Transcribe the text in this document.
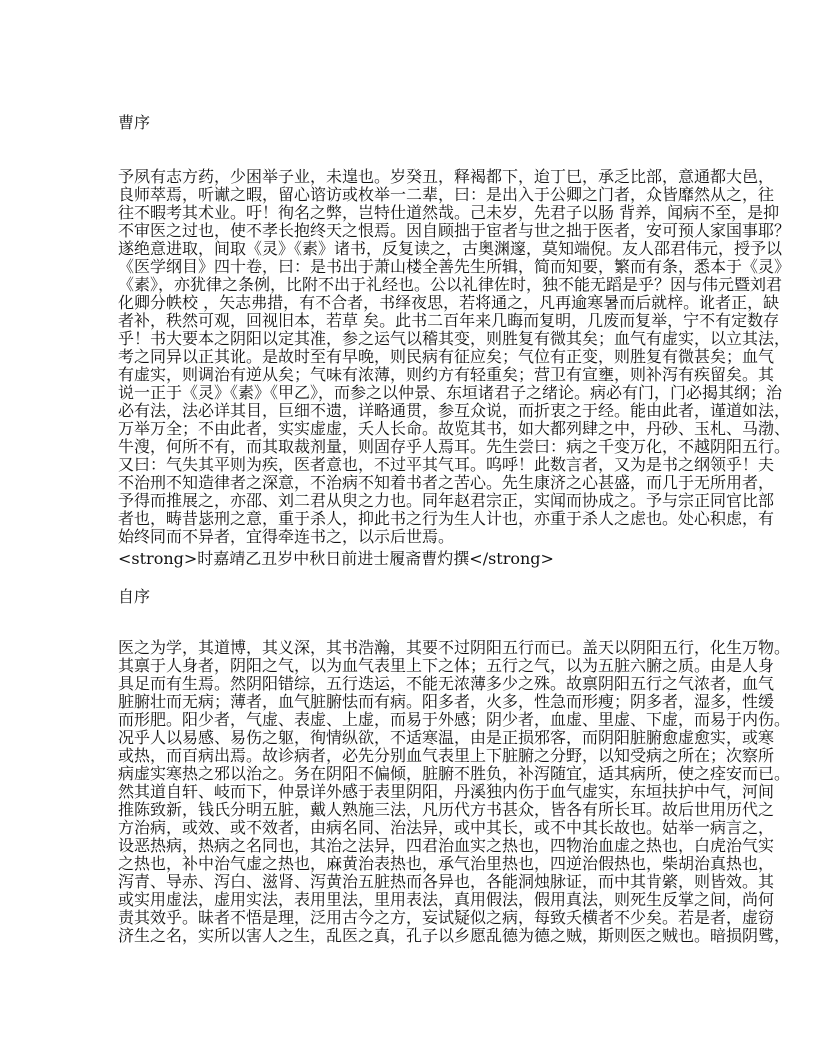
曹序
予夙有志方药，少困举子业，未遑也。岁癸丑，释褐都下，迨丁巳，承乏比部，意通都大邑，
良师萃焉，听谳之暇，留心谘访或枚举一二辈，曰：是出入于公卿之门者，众皆靡然从之，往
往不暇考其术业。吁！徇名之弊，岂特仕道然哉。己未岁，先君子以肠 背养，闻病不至，是抑
不审医之过也，使不孝长抱终天之恨焉。因自顾拙于宦者与世之拙于医者，安可预人家国事耶？
遂绝意进取，间取《灵》《素》诸书，反复读之，古奥渊邃，莫知端倪。友人邵君伟元，授予以
《医学纲目》四十卷，曰：是书出于萧山楼全善先生所辑，简而知要，繁而有条，悉本于《灵》
《素》，亦犹律之条例，比附不出于礼经也。公以礼律佐时，独不能无蹈是乎？因与伟元暨刘君
化卿分帙校 ，矢志弗措，有不合者，书绎夜思，若将通之，凡再逾寒暑而后就梓。讹者正，缺
者补，秩然可观，回视旧本，若草 矣。此书二百年来几晦而复明，几废而复举，宁不有定数存
乎！书大要本之阴阳以定其准，参之运气以稽其变，则胜复有微其矣；血气有虚实，以立其法，
考之同异以正其讹。是故时至有早晚，则民病有征应矣；气位有正变，则胜复有微甚矣；血气
有虚实，则调治有逆从矣；气味有浓薄，则约方有轻重矣；营卫有宣壅，则补泻有疾留矣。其
说一正于《灵》《素》《甲乙》，而参之以仲景、东垣诸君子之绪论。病必有门，门必揭其纲；治
必有法，法必详其目，巨细不遗，详略通贯，参互众说，而折衷之于经。能由此者，谨道如法，
万举万全；不由此者，实实虚虚，夭人长命。故览其书，如大都列肆之中，丹砂、玉札、马渤、
牛溲，何所不有，而其取裁剂量，则固存乎人焉耳。先生尝曰：病之千变万化，不越阴阳五行。
又曰：气失其平则为疾，医者意也，不过平其气耳。呜呼！此数言者，又为是书之纲领乎！夫
不治刑不知造律者之深意，不治病不知着书者之苦心。先生康济之心甚盛，而几于无所用者，
予得而推展之，亦邵、刘二君从臾之力也。同年赵君宗正，实闻而协成之。予与宗正同官比部
者也，畴昔毖刑之意，重于杀人，抑此书之行为生人计也，亦重于杀人之虑也。处心积虑，有
始终同而不异者，宜得牵连书之，以示后世焉。
<strong>时嘉靖乙丑岁中秋日前进士履斋曹灼撰</strong>
自序
医之为学，其道博，其义深，其书浩瀚，其要不过阴阳五行而已。盖天以阴阳五行，化生万物。
其禀于人身者，阴阳之气，以为血气表里上下之体；五行之气，以为五脏六腑之质。由是人身
具足而有生焉。然阴阳错综，五行迭运，不能无浓薄多少之殊。故禀阴阳五行之气浓者，血气
脏腑壮而无病；薄者，血气脏腑怯而有病。阳多者，火多，性急而形瘦；阴多者，湿多，性缓
而形肥。阳少者，气虚、表虚、上虚，而易于外感；阴少者，血虚、里虚、下虚，而易于内伤。
况乎人以易感、易伤之躯，徇情纵欲，不适寒温，由是正损邪客，而阴阳脏腑愈虚愈实，或寒
或热，而百病出焉。故诊病者，必先分别血气表里上下脏腑之分野，以知受病之所在；次察所
病虚实寒热之邪以治之。务在阴阳不偏倾，脏腑不胜负，补泻随宜，适其病所，使之痊安而已。
然其道自轩、岐而下，仲景详外感于表里阴阳，丹溪独内伤于血气虚实，东垣扶护中气，河间
推陈致新，钱氏分明五脏，戴人熟施三法，凡历代方书甚众，皆各有所长耳。故后世用历代之
方治病，或效、或不效者，由病名同、治法异，或中其长，或不中其长故也。姑举一病言之，
设恶热病，热病之名同也，其治之法异，四君治血实之热也，四物治血虚之热也，白虎治气实
之热也，补中治气虚之热也，麻黄治表热也，承气治里热也，四逆治假热也，柴胡治真热也，
泻青、导赤、泻白、滋肾、泻黄治五脏热而各异也，各能洞烛脉证，而中其肯綮，则皆效。其
或实用虚法，虚用实法，表用里法，里用表法，真用假法，假用真法，则死生反掌之间，尚何
责其效乎。昧者不悟是理，泛用古今之方，妄试疑似之病，每致夭横者不少矣。若是者，虚窃
济生之名，实所以害人之生，乱医之真，孔子以乡愿乱德为德之贼，斯则医之贼也。暗损阴骘，
